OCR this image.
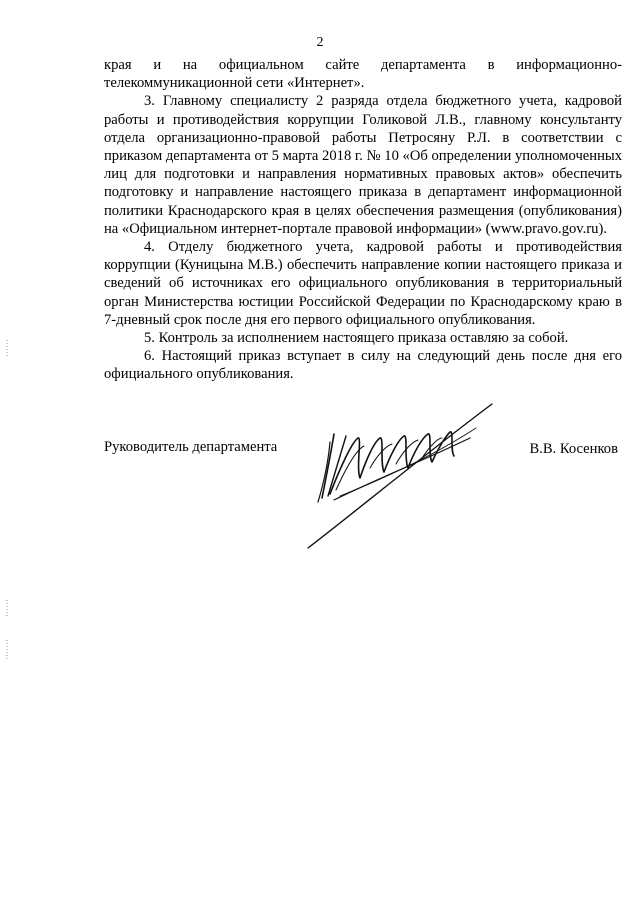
2

края и на официальном сайте департамента в информационно-телекоммуникационной сети «Интернет».

3. Главному специалисту 2 разряда отдела бюджетного учета, кадровой работы и противодействия коррупции Голиковой Л.В., главному консультанту отдела организационно-правовой работы Петросяну Р.Л. в соответствии с приказом департамента от 5 марта 2018 г. № 10 «Об определении уполномоченных лиц для подготовки и направления нормативных правовых актов» обеспечить подготовку и направление настоящего приказа в департамент информационной политики Краснодарского края в целях обеспечения размещения (опубликования) на «Официальном интернет-портале правовой информации» (www.pravo.gov.ru).

4. Отделу бюджетного учета, кадровой работы и противодействия коррупции (Куницына М.В.) обеспечить направление копии настоящего приказа и сведений об источниках его официального опубликования в территориальный орган Министерства юстиции Российской Федерации по Краснодарскому краю в 7-дневный срок после дня его первого официального опубликования.

5. Контроль за исполнением настоящего приказа оставляю за собой.

6. Настоящий приказ вступает в силу на следующий день после дня его официального опубликования.

Руководитель департамента	В.В. Косенков
